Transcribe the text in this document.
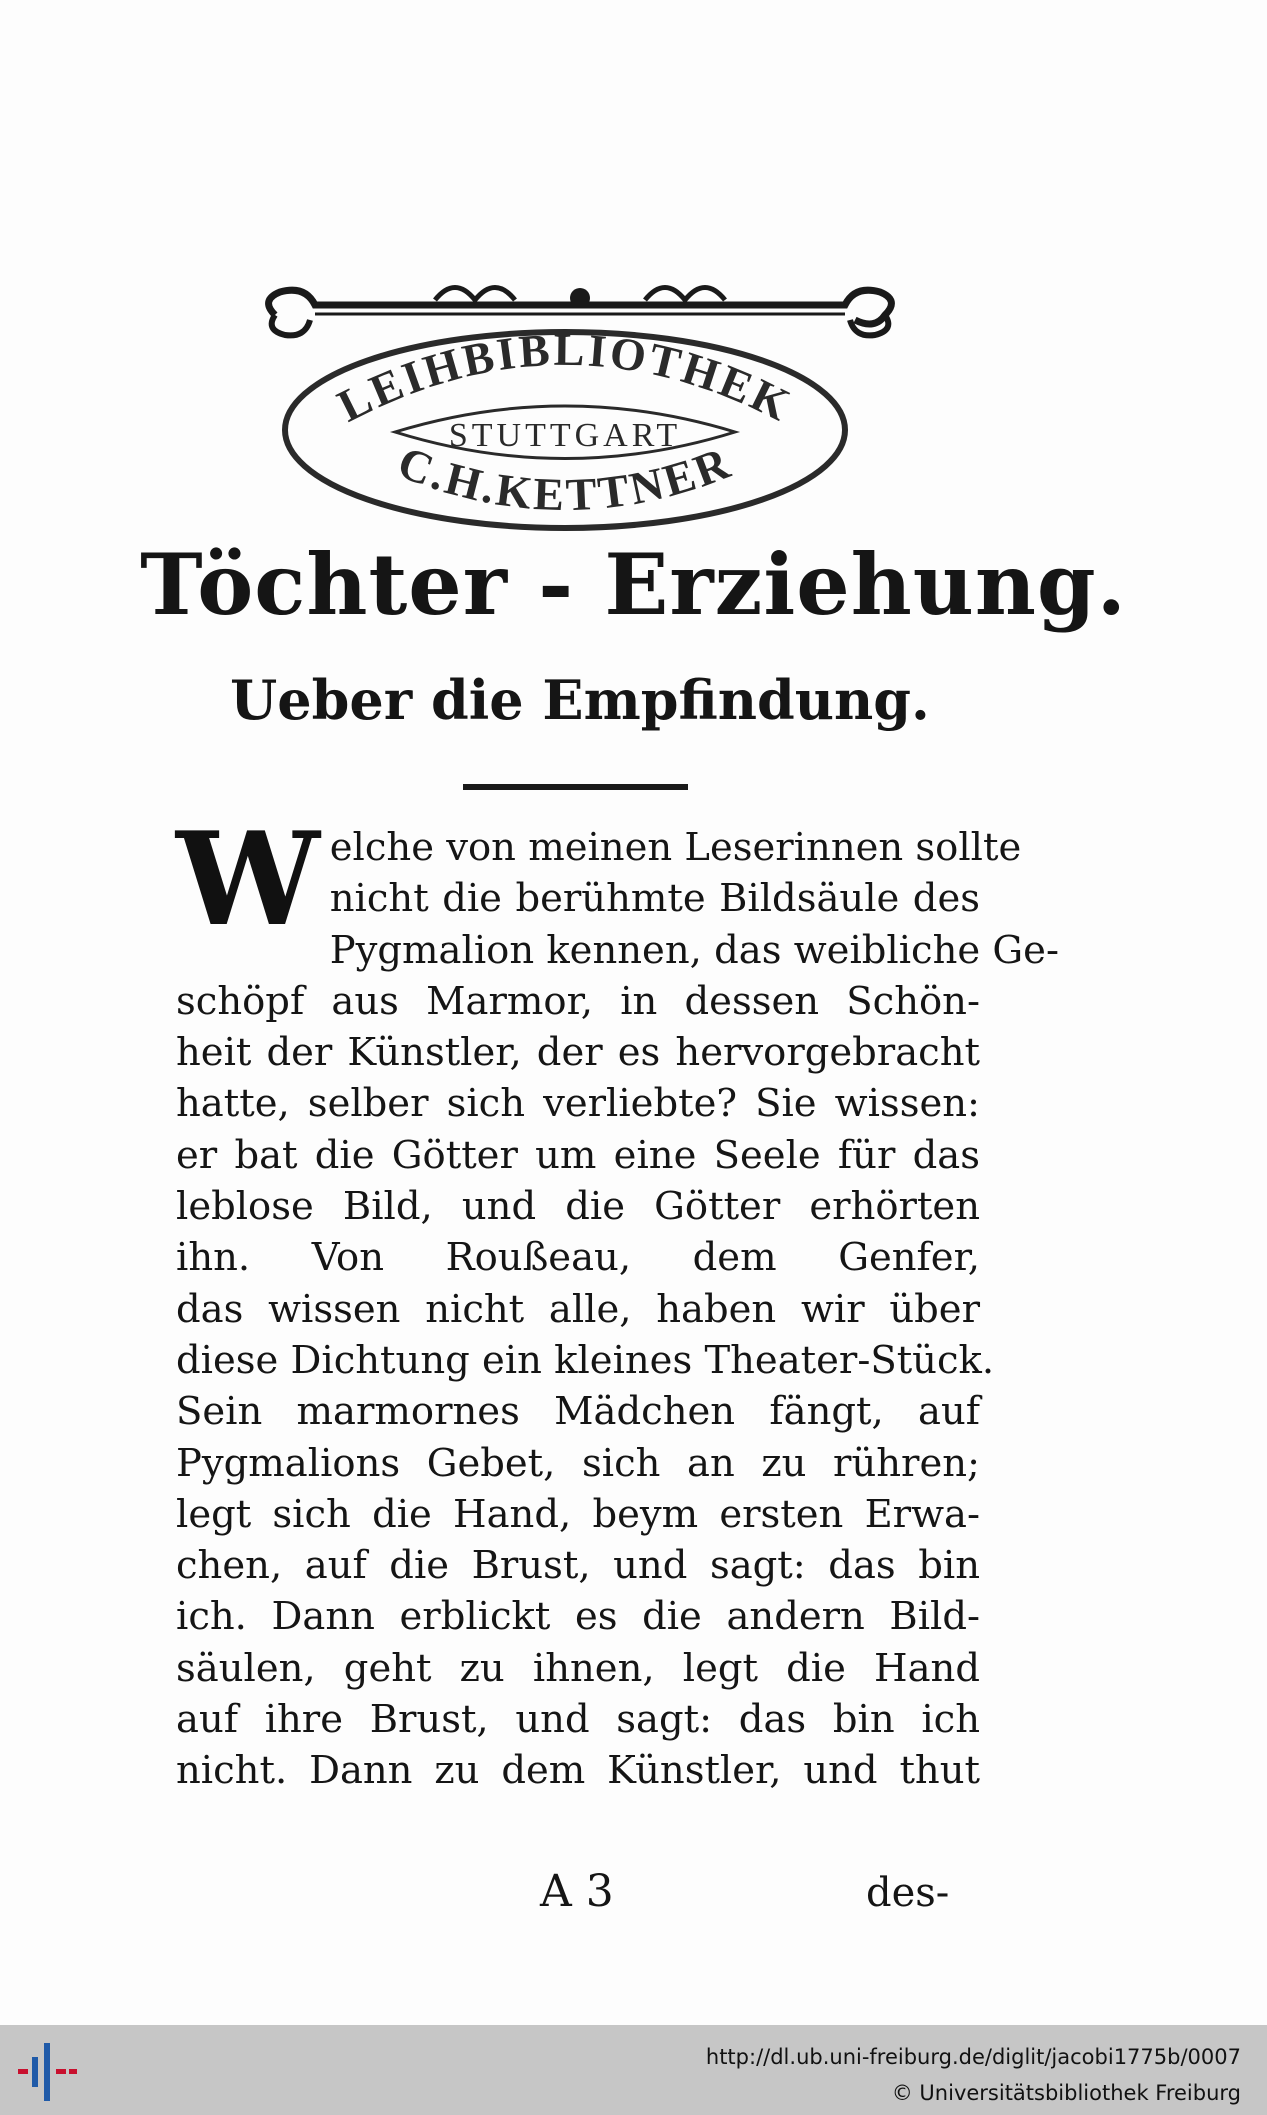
LEIHBIBLIOTHEK
STUTTGART
C.H.KETTNER
Töchter - Erziehung.
Ueber die Empfindung.
W elche von meinen Leserinnen sollte
nicht die berühmte Bildsäule des
Pygmalion kennen, das weibliche Ge-
schöpf aus Marmor, in dessen Schön-
heit der Künstler, der es hervorgebracht
hatte, selber sich verliebte? Sie wissen:
er bat die Götter um eine Seele für das
leblose Bild, und die Götter erhörten
ihn. Von Roußeau, dem Genfer,
das wissen nicht alle, haben wir über
diese Dichtung ein kleines Theater-Stück.
Sein marmornes Mädchen fängt, auf
Pygmalions Gebet, sich an zu rühren;
legt sich die Hand, beym ersten Erwa-
chen, auf die Brust, und sagt: das bin
ich. Dann erblickt es die andern Bild-
säulen, geht zu ihnen, legt die Hand
auf ihre Brust, und sagt: das bin ich
nicht. Dann zu dem Künstler, und thut
A 3	des-
http://dl.ub.uni-freiburg.de/diglit/jacobi1775b/0007
© Universitätsbibliothek Freiburg
